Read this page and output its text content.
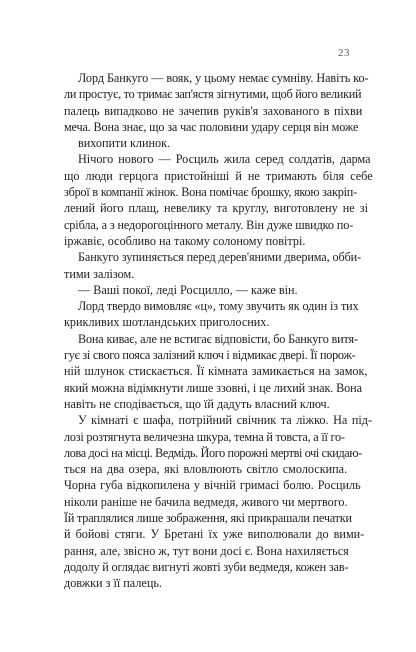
23
Лорд Банкуго — вояк, у цьому немає сумніву. Навіть ко-
ли простує, то тримає зап'ястя зігнутими, щоб його великий
палець випадково не зачепив руків'я захованого в піхви
меча. Вона знає, що за час половини удару серця він може
вихопити клинок.
Нічого нового — Росциль жила серед солдатів, дарма
що люди герцога пристойніші й не тримають біля себе
зброї в компанії жінок. Вона помічає брошку, якою закріп-
лений його плащ, невелику та круглу, виготовлену не зі
срібла, а з недорогоцінного металу. Він дуже швидко по-
іржавіє, особливо на такому солоному повітрі.
Банкуго зупиняється перед дерев'яними дверима, обби-
тими залізом.
— Ваші покої, леді Росцилло, — каже він.
Лорд твердо вимовляє «ц», тому звучить як один із тих
крикливих шотландських приголосних.
Вона киває, але не встигає відповісти, бо Банкуго витя-
гує зі свого пояса залізний ключ і відмикає двері. Її порож-
ній шлунок стискається. Її кімната замикається на замок,
який можна відімкнути лише ззовні, і це лихий знак. Вона
навіть не сподівається, що їй дадуть власний ключ.
У кімнаті є шафа, потрійний свічник та ліжко. На під-
лозі розтягнута величезна шкура, темна й товста, а її го-
лова досі на місці. Ведмідь. Його порожні мертві очі скидаю-
ться на два озера, які вловлюють світло смолоскипа.
Чорна губа відкопилена у вічній гримасі болю. Росциль
ніколи раніше не бачила ведмедя, живого чи мертвого.
Їй траплялися лише зображення, які прикрашали печатки
й бойові стяги. У Бретані їх уже виполювали до вими-
рання, але, звісно ж, тут вони досі є. Вона нахиляється
додолу й оглядає вигнуті жовті зуби ведмедя, кожен зав-
довжки з її палець.
